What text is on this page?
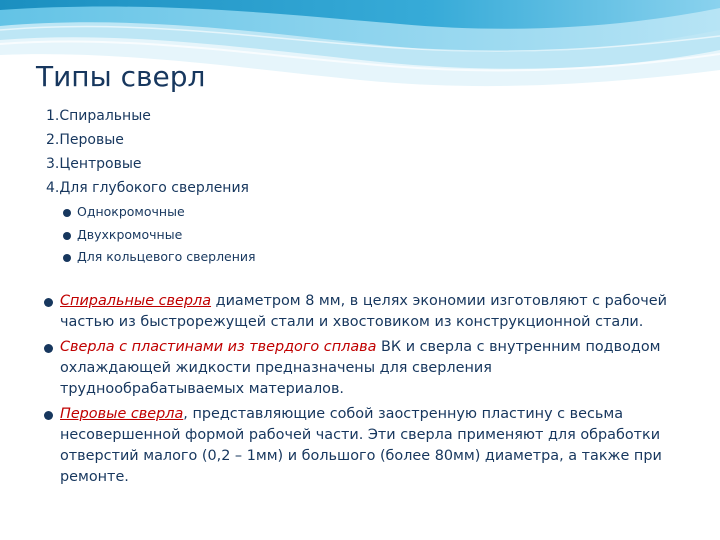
Типы сверл
1.Спиральные
2.Перовые
3.Центровые
4.Для глубокого сверления
Однокромочные
Двухкромочные
Для кольцевого сверления
Спиральные сверла диаметром 8 мм, в целях экономии изготовляют с рабочей частью из быстрорежущей стали и хвостовиком из конструкционной стали.
Сверла с пластинами из твердого сплава ВК и сверла с внутренним подводом охлаждающей жидкости предназначены для сверления труднообрабатываемых материалов.
Перовые сверла, представляющие собой заостренную пластину с весьма несовершенной формой рабочей части. Эти сверла применяют для обработки отверстий малого (0,2 – 1мм) и большого (более 80мм) диаметра, а также при ремонте.
